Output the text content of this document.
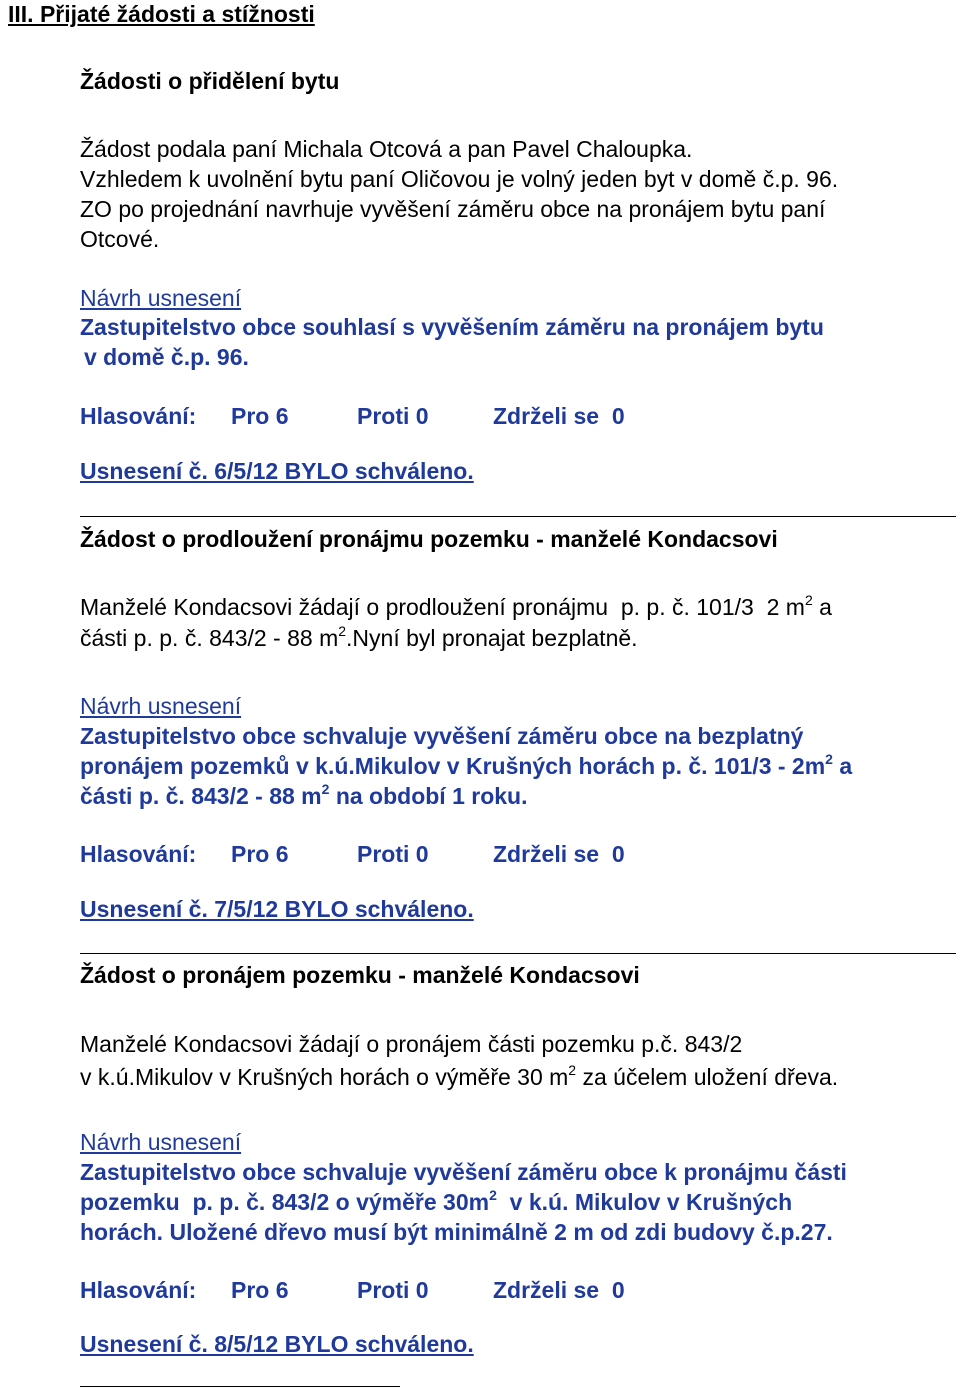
III. Přijaté žádosti a stížnosti
Žádosti o přidělení bytu
Žádost podala paní Michala Otcová a pan Pavel Chaloupka.
Vzhledem k uvolnění bytu paní Oličovou je volný jeden byt v domě č.p. 96.
ZO po projednání navrhuje vyvěšení záměru obce na pronájem bytu paní
Otcové.
Návrh usnesení
Zastupitelstvo obce souhlasí s vyvěšením záměru na pronájem bytu
v domě č.p. 96.
Hlasování: Pro 6	Proti 0	Zdrželi se  0
Usnesení č. 6/5/12 BYLO schváleno.
Žádost o prodloužení pronájmu pozemku - manželé Kondacsovi
Manželé Kondacsovi žádají o prodloužení pronájmu  p. p. č. 101/3  2 $m^2$ a
části p. p. č. 843/2 - 88 $m^2.Nyní$ byl pronajat bezplatně.
Návrh usnesení
Zastupitelstvo obce schvaluje vyvěšení záměru obce na bezplatný
pronájem pozemků v k.ú.Mikulov v Krušných horách p. č. $101/3 - 2m^2$ a
části p. č. 843/2 - 88 $m^2$ na období 1 roku.
Hlasování: Pro 6	Proti 0	Zdrželi se  0
Usnesení č. 7/5/12 BYLO schváleno.
Žádost o pronájem pozemku - manželé Kondacsovi
Manželé Kondacsovi žádají o pronájem části pozemku p.č. 843/2
v k.ú.Mikulov v Krušných horách o výměře 30 $m^2$ za účelem uložení dřeva.
Návrh usnesení
Zastupitelstvo obce schvaluje vyvěšení záměru obce k pronájmu části
pozemku  p. p. č. 843/2 o výměře $30m^2$  v k.ú. Mikulov v Krušných
horách. Uložené dřevo musí být minimálně 2 m od zdi budovy č.p.27.
Hlasování: Pro 6	Proti 0	Zdrželi se  0
Usnesení č. 8/5/12 BYLO schváleno.
